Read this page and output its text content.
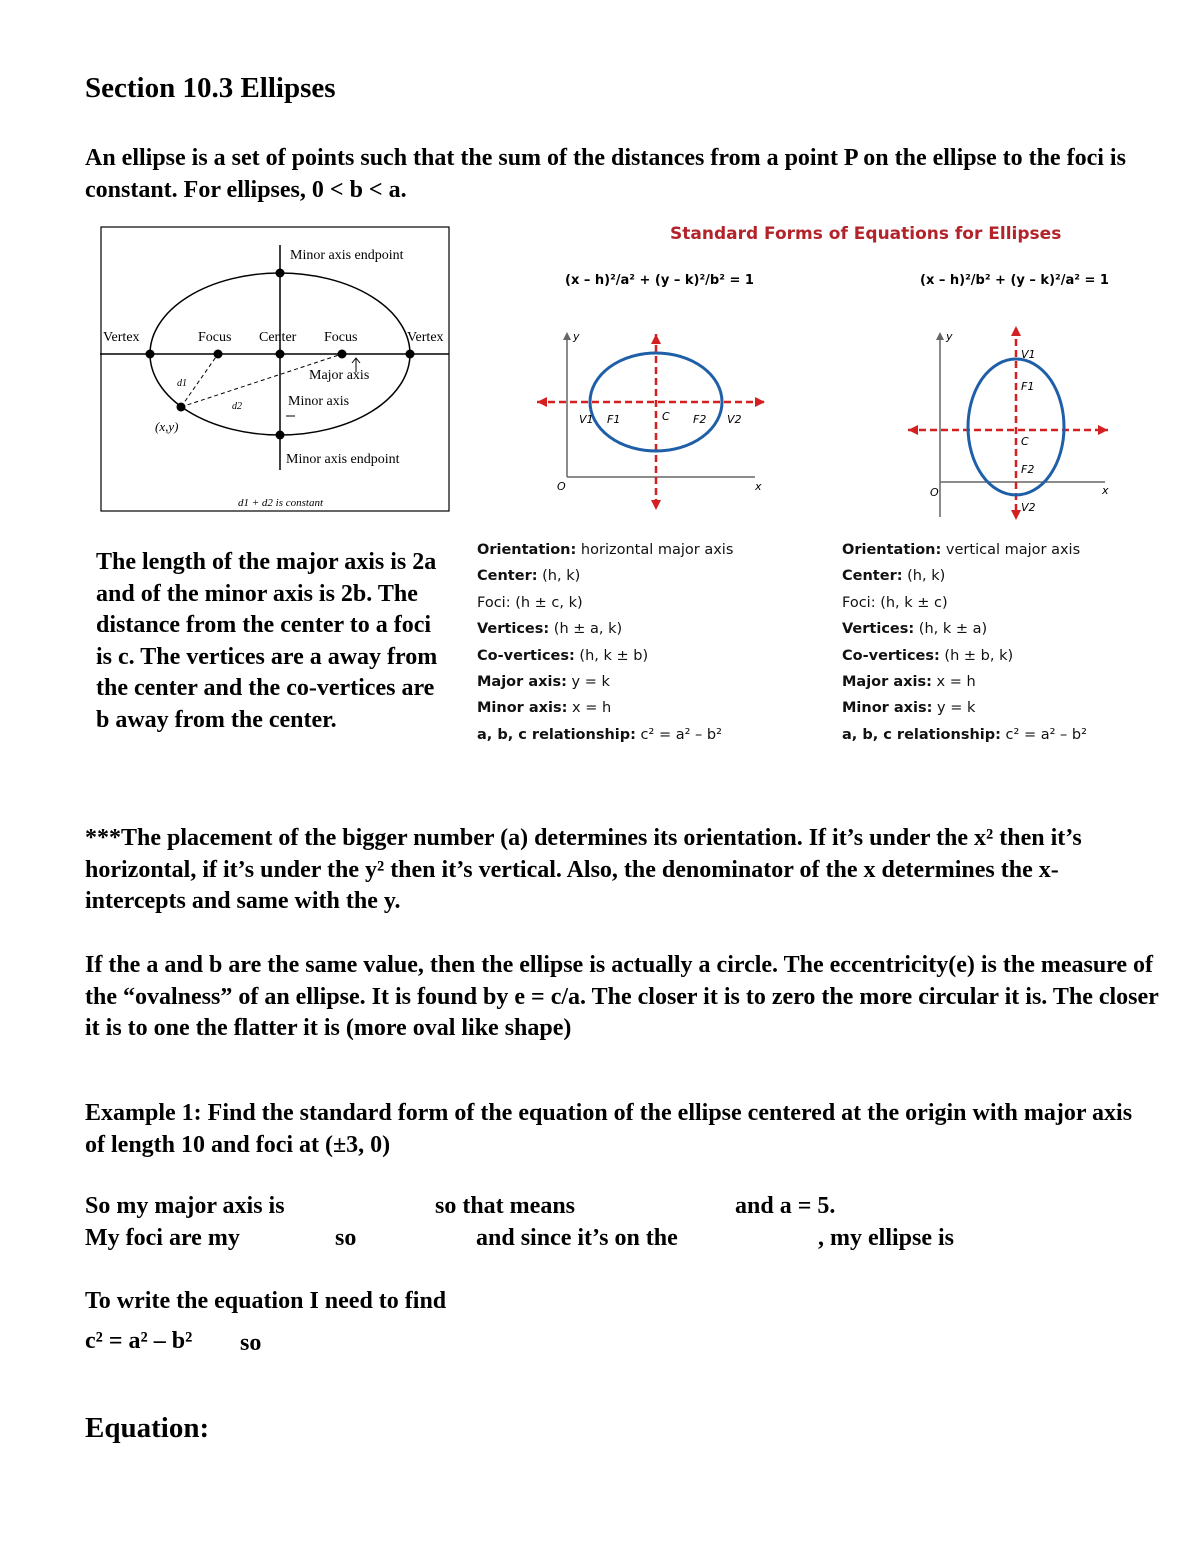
Section 10.3 Ellipses
An ellipse is a set of points such that the sum of the distances from a point P on the ellipse to the foci is constant. For ellipses, 0 < b < a.
Minor axis endpoint
Vertex	Focus Center Focus	Vertex
Major axis
Minor axis
d1
d2
(x,y)
Minor axis endpoint
d1 + d2 is constant
Standard Forms of Equations for Ellipses
(x – h)²/a² + (y – k)²/b² = 1
y
x
O
V1 F1	C F2 V2
(x – h)²/b² + (y – k)²/a² = 1
y
x
O
V1
F1
C
F2
V2
Orientation: horizontal major axis
Center: (h, k)
Foci: (h ± c, k)
Vertices: (h ± a, k)
Co-vertices: (h, k ± b)
Major axis: y = k
Minor axis: x = h
a, b, c relationship: c² = a² – b²
Orientation: vertical major axis
Center: (h, k)
Foci: (h, k ± c)
Vertices: (h, k ± a)
Co-vertices: (h ± b, k)
Major axis: x = h
Minor axis: y = k
a, b, c relationship: c² = a² – b²
The length of the major axis is 2a and of the minor axis is 2b. The distance from the center to a foci is c. The vertices are a away from the center and the co-vertices are b away from the center.
***The placement of the bigger number (a) determines its orientation. If it’s under the x² then it’s horizontal, if it’s under the y² then it’s vertical. Also, the denominator of the x determines the x-intercepts and same with the y.
If the a and b are the same value, then the ellipse is actually a circle. The eccentricity(e) is the measure of the “ovalness” of an ellipse. It is found by e = c/a. The closer it is to zero the more circular it is. The closer it is to one the flatter it is (more oval like shape)
Example 1: Find the standard form of the equation of the ellipse centered at the origin with major axis of length 10 and foci at (±3, 0)
So my major axis is	so that means	and a = 5.
My foci are my	so	and since it’s on the	, my ellipse is
To write the equation I need to find
c² = a² – b² so
Equation:
